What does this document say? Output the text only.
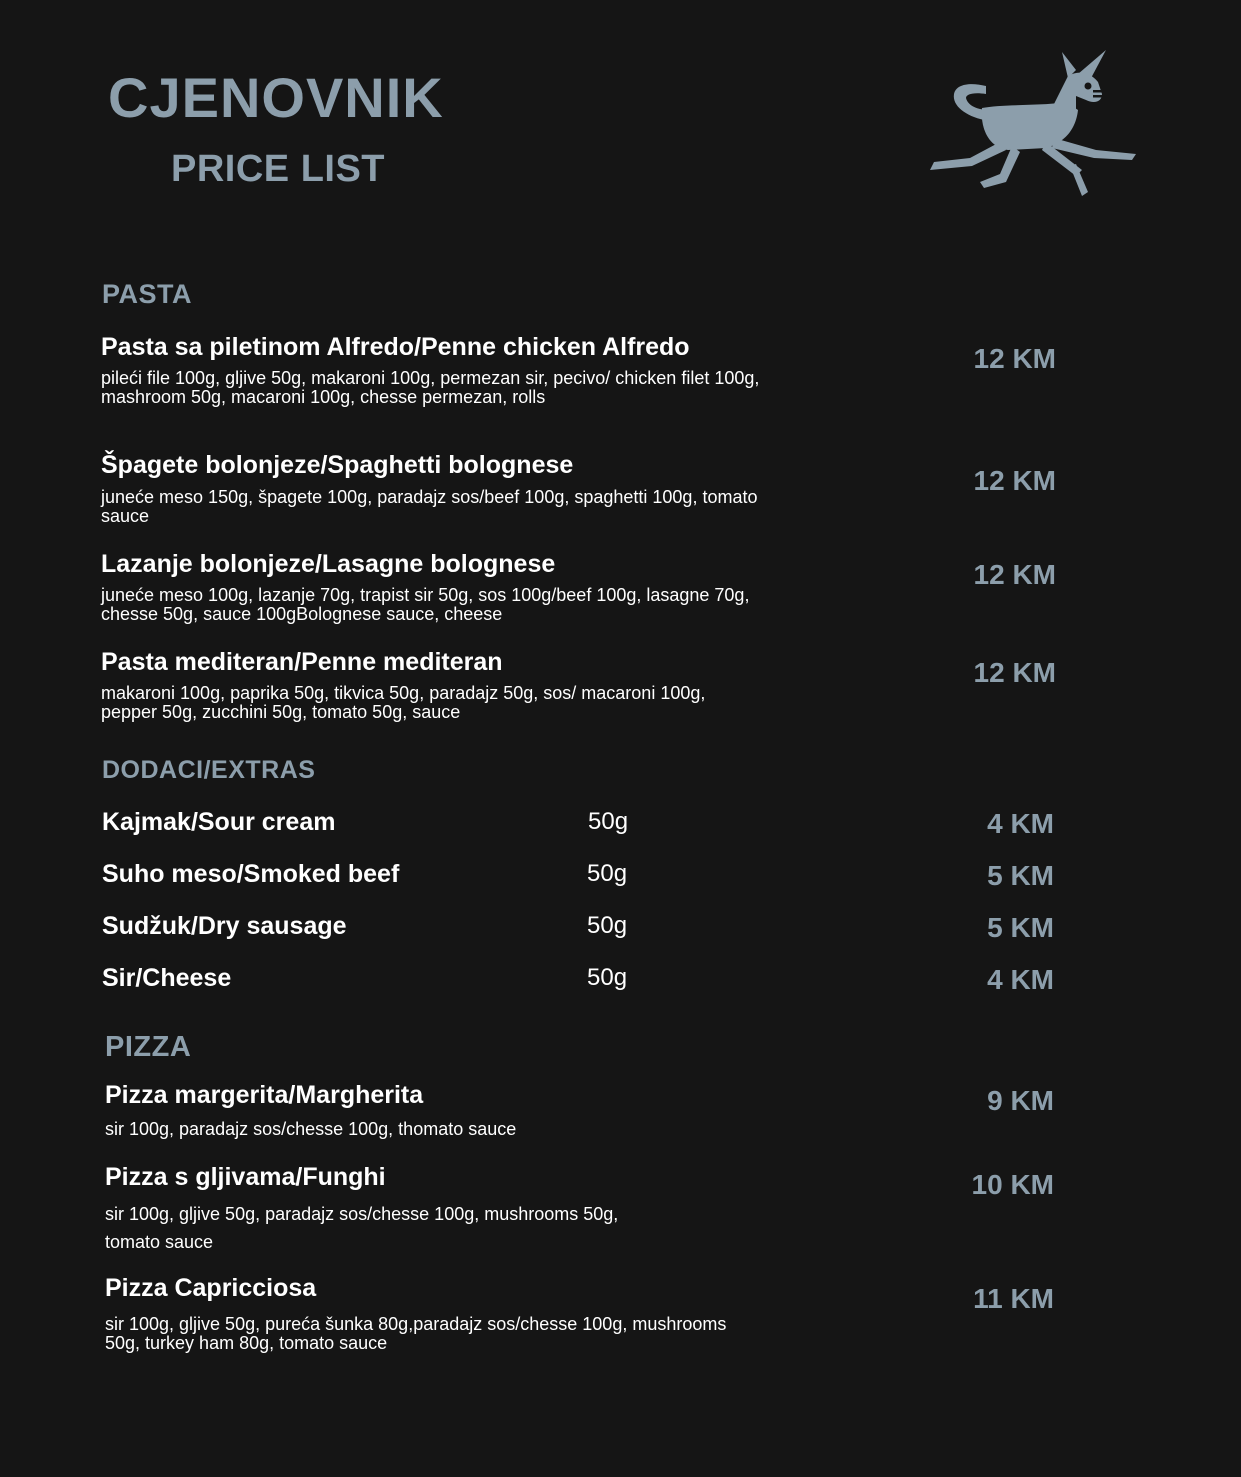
CJENOVNIK
PRICE LIST
PASTA
Pasta sa piletinom Alfredo/Penne chicken Alfredo
pileći file 100g, gljive 50g, makaroni 100g, permezan sir, pecivo/ chicken filet 100g, mashroom 50g, macaroni 100g, chesse permezan, rolls
12 KM
Špagete bolonjeze/Spaghetti bolognese
juneće meso 150g, špagete 100g, paradajz sos/beef 100g, spaghetti 100g, tomato sauce
12 KM
Lazanje bolonjeze/Lasagne bolognese
juneće meso 100g, lazanje 70g, trapist sir 50g, sos 100g/beef 100g, lasagne 70g, chesse 50g, sauce 100gBolognese sauce, cheese
12 KM
Pasta mediteran/Penne mediteran
makaroni 100g, paprika 50g, tikvica 50g, paradajz 50g, sos/ macaroni 100g, pepper 50g, zucchini 50g, tomato 50g, sauce
12 KM
DODACI/EXTRAS
Kajmak/Sour cream	50g	4 KM
Suho meso/Smoked beef	50g	5 KM
Sudžuk/Dry sausage	50g	5 KM
Sir/Cheese	50g	4 KM
PIZZA
Pizza margerita/Margherita
sir 100g, paradajz sos/chesse 100g, thomato sauce
9 KM
Pizza s gljivama/Funghi
sir 100g, gljive 50g, paradajz sos/chesse 100g, mushrooms 50g, tomato sauce
10 KM
Pizza Capricciosa
sir 100g, gljive 50g, pureća šunka 80g,paradajz sos/chesse 100g, mushrooms 50g, turkey ham 80g, tomato sauce
11 KM
